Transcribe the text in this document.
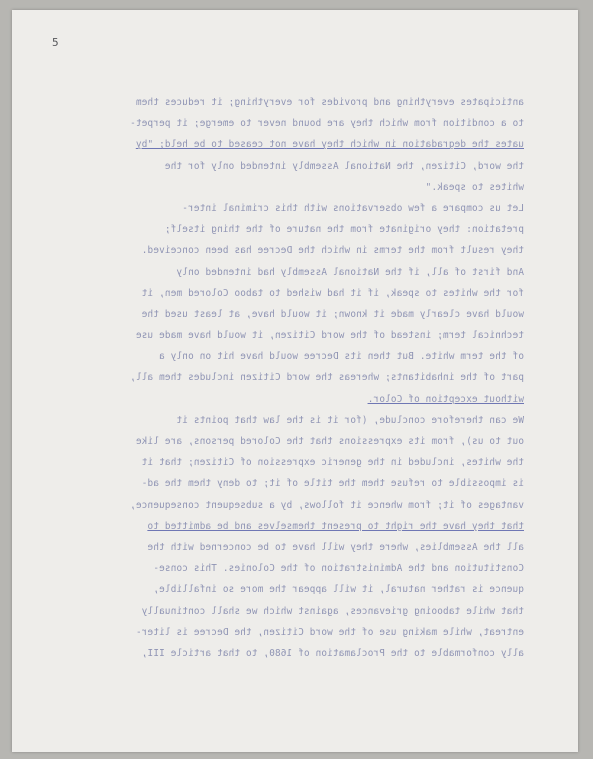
5
anticipates everything and provides for everything; it reduces them
to a condition from which they are bound never to emerge; it perpet-
uates the degradation in which they have not ceased to be held; "by
the word, Citizen, the National Assembly intended only for the
whites to speak."
Let us compare a few observations with this criminal inter-
pretation: they originate from the nature of the thing itself;
they result from the terms in which the Decree has been conceived.
And first of all, if the National Assembly had intended only
for the whites to speak, if it had wished to taboo Colored men, it
would have clearly made it known; it would have, at least used the
technical term; instead of the word Citizen, it would have made use
of the term white. But then its Decree would have hit on only a
part of the inhabitants; whereas the word Citizen includes them all,
without exception of Color.
We can therefore conclude, (for it is the law that points it
out to us), from its expressions that the Colored persons, are like
the whites, included in the generic expression of Citizen; that it
is impossible to refuse them the title of it; to deny them the ad-
vantages of it; from whence it follows, by a subsequent consequence,
that they have the right to present themselves and be admitted to
all the Assemblies, where they will have to be concerned with the
Constitution and the Administration of the Colonies. This conse-
quence is rather natural, it will appear the more so infallible,
that while tabooing grievances, against which we shall continually
entreat, while making use of the word Citizen, the Decree is liter-
ally conformable to the Proclamation of 1680, to that article III,
